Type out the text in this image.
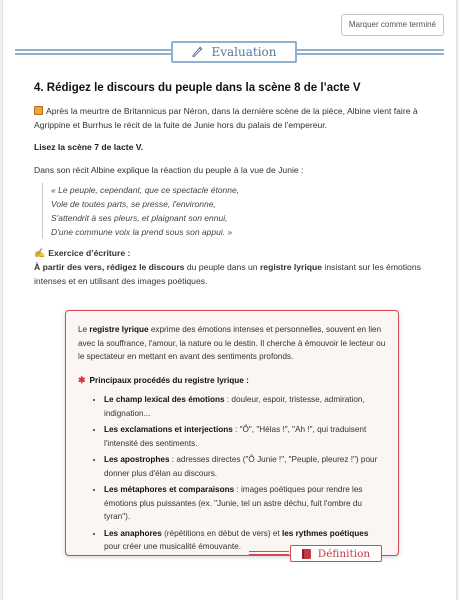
Marquer comme terminé
Evaluation
4. Rédigez le discours du peuple dans la scène 8 de l’acte V
Après la meurtre de Britannicus par Néron, dans la dernière scène de la pièce, Albine vient faire à Agrippine et Burrhus le récit de la fuite de Junie hors du palais de l'empereur.
Lisez la scène 7 de lacte V.
Dans son récit Albine explique la réaction du peuple à la vue de Junie :
« Le peuple, cependant, que ce spectacle étonne,
Vole de toutes parts, se presse, l'environne,
S'attendrit à ses pleurs, et plaignant son ennui,
D'une commune voix la prend sous son appui. »
✍ Exercice d’écriture :
À partir des vers, rédigez le discours du peuple dans un registre lyrique insistant sur les émotions intenses et en utilisant des images poétiques.
Le registre lyrique exprime des émotions intenses et personnelles, souvent en lien avec la souffrance, l'amour, la nature ou le destin. Il cherche à émouvoir le lecteur ou le spectateur en mettant en avant des sentiments profonds.
✱ Principaux procédés du registre lyrique :
• Le champ lexical des émotions : douleur, espoir, tristesse, admiration, indignation...
• Les exclamations et interjections : "Ô", "Hélas !", "Ah !", qui traduisent l'intensité des sentiments.
• Les apostrophes : adresses directes ("Ô Junie !", "Peuple, pleurez !") pour donner plus d'élan au discours.
• Les métaphores et comparaisons : images poétiques pour rendre les émotions plus puissantes (ex. "Junie, tel un astre déchu, fuit l'ombre du tyran").
• Les anaphores (répétitions en début de vers) et les rythmes poétiques pour créer une musicalité émouvante.
Définition
